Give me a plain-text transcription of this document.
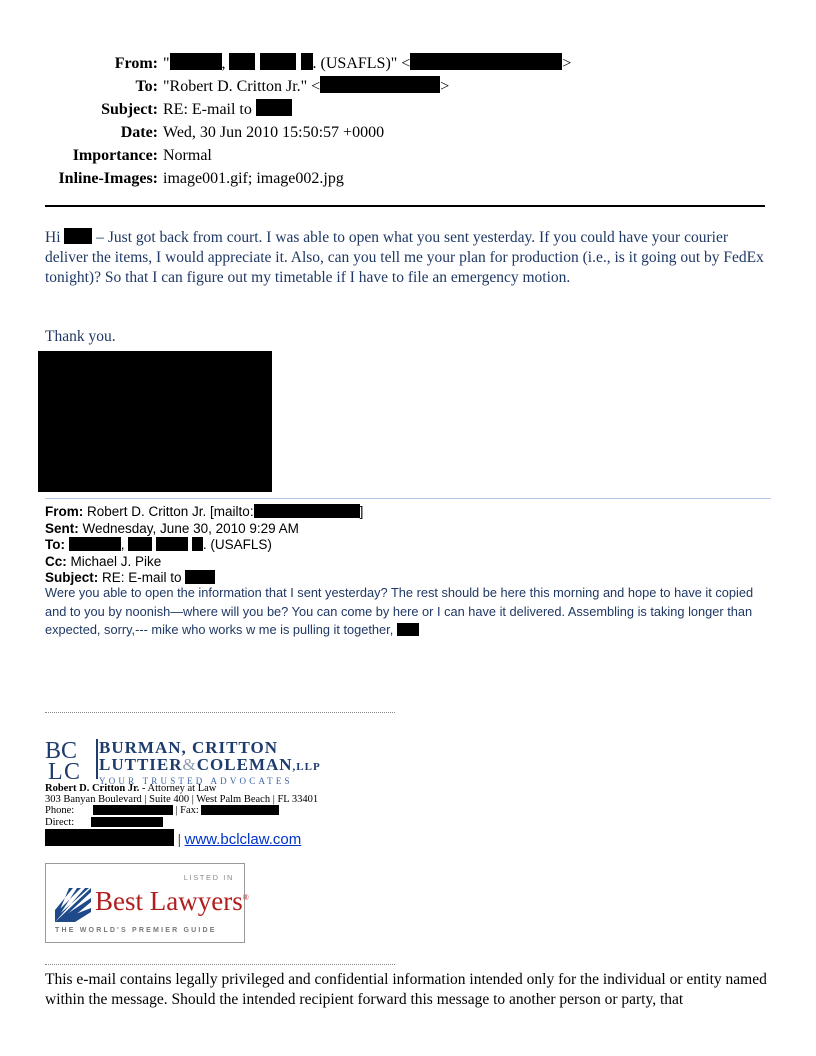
From: "	,	. (USAFLS)" <	>
To: "Robert D. Critton Jr." <	>
Subject: RE: E-mail to
Date: Wed, 30 Jun 2010 15:50:57 +0000
Importance: Normal
Inline-Images: image001.gif; image002.jpg
Hi – Just got back from court. I was able to open what you sent yesterday. If you could have your courier deliver the items, I would appreciate it. Also, can you tell me your plan for production (i.e., is it going out by FedEx tonight)? So that I can figure out my timetable if I have to file an emergency motion.
Thank you.
From: Robert D. Critton Jr. [mailto:	]
Sent: Wednesday, June 30, 2010 9:29 AM
To:	,	. (USAFLS)
Cc: Michael J. Pike
Subject: RE: E-mail to
Were you able to open the information that I sent yesterday? The rest should be here this morning and hope to have it copied and to you by noonish—where will you be? You can come by here or I can have it delivered. Assembling is taking longer than expected, sorry,--- mike who works w me is pulling it together,
B C
L C
BURMAN, CRITTON
LUTTIER&COLEMAN,LLP
YOUR TRUSTED ADVOCATES
Robert D. Critton Jr. - Attorney at Law
303 Banyan Boulevard | Suite 400 | West Palm Beach | FL 33401
Phone:	| Fax:
Direct:
| www.bclclaw.com
LISTED IN
Best Lawyers®
THE WORLD'S PREMIER GUIDE
This e-mail contains legally privileged and confidential information intended only for the individual or entity named within the message. Should the intended recipient forward this message to another person or party, that
